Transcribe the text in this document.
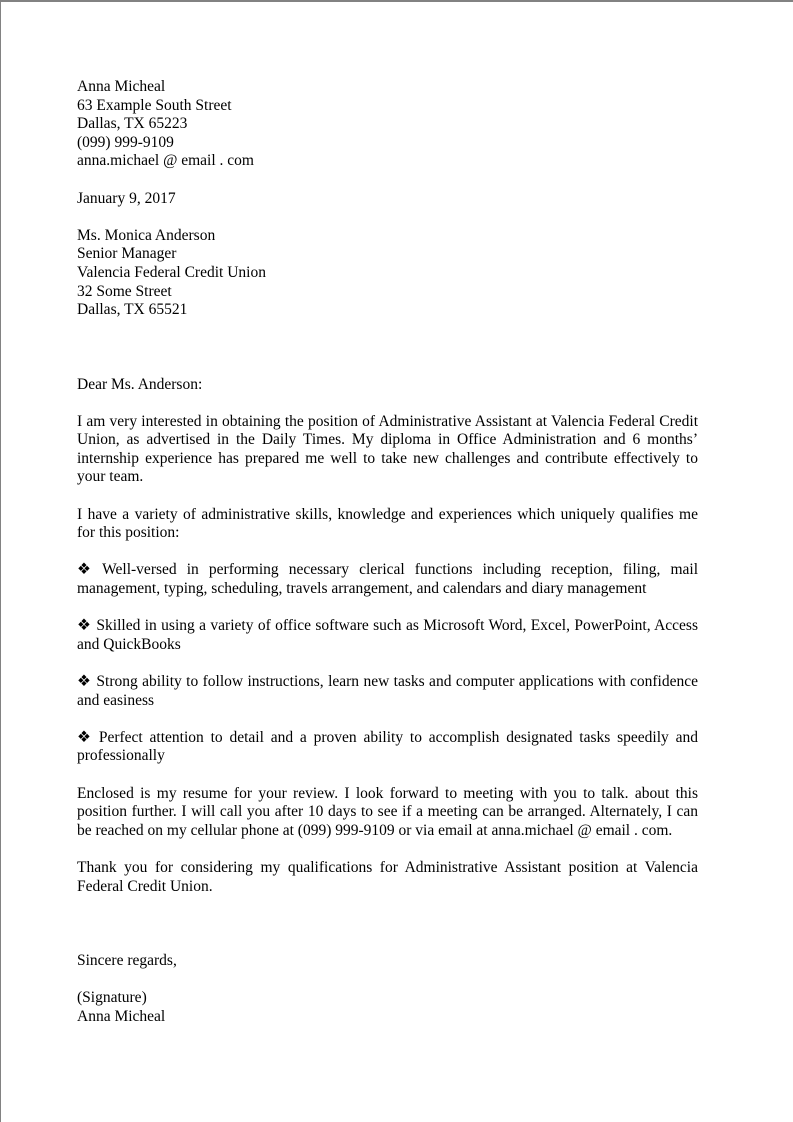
Anna Micheal
63 Example South Street
Dallas, TX 65223
(099) 999-9109
anna.michael @ email . com
January 9, 2017
Ms. Monica Anderson
Senior Manager
Valencia Federal Credit Union
32 Some Street
Dallas, TX 65521
Dear Ms. Anderson:

I am very interested in obtaining the position of Administrative Assistant at Valencia Federal Credit Union, as advertised in the Daily Times. My diploma in Office Administration and 6 months’ internship experience has prepared me well to take new challenges and contribute effectively to your team.

I have a variety of administrative skills, knowledge and experiences which uniquely qualifies me for this position:

❖ Well-versed in performing necessary clerical functions including reception, filing, mail management, typing, scheduling, travels arrangement, and calendars and diary management

❖ Skilled in using a variety of office software such as Microsoft Word, Excel, PowerPoint, Access and QuickBooks

❖ Strong ability to follow instructions, learn new tasks and computer applications with confidence and easiness

❖ Perfect attention to detail and a proven ability to accomplish designated tasks speedily and professionally

Enclosed is my resume for your review. I look forward to meeting with you to talk. about this position further. I will call you after 10 days to see if a meeting can be arranged. Alternately, I can be reached on my cellular phone at (099) 999-9109 or via email at anna.michael @ email . com.

Thank you for considering my qualifications for Administrative Assistant position at Valencia Federal Credit Union.

Sincere regards,
(Signature)
Anna Micheal
